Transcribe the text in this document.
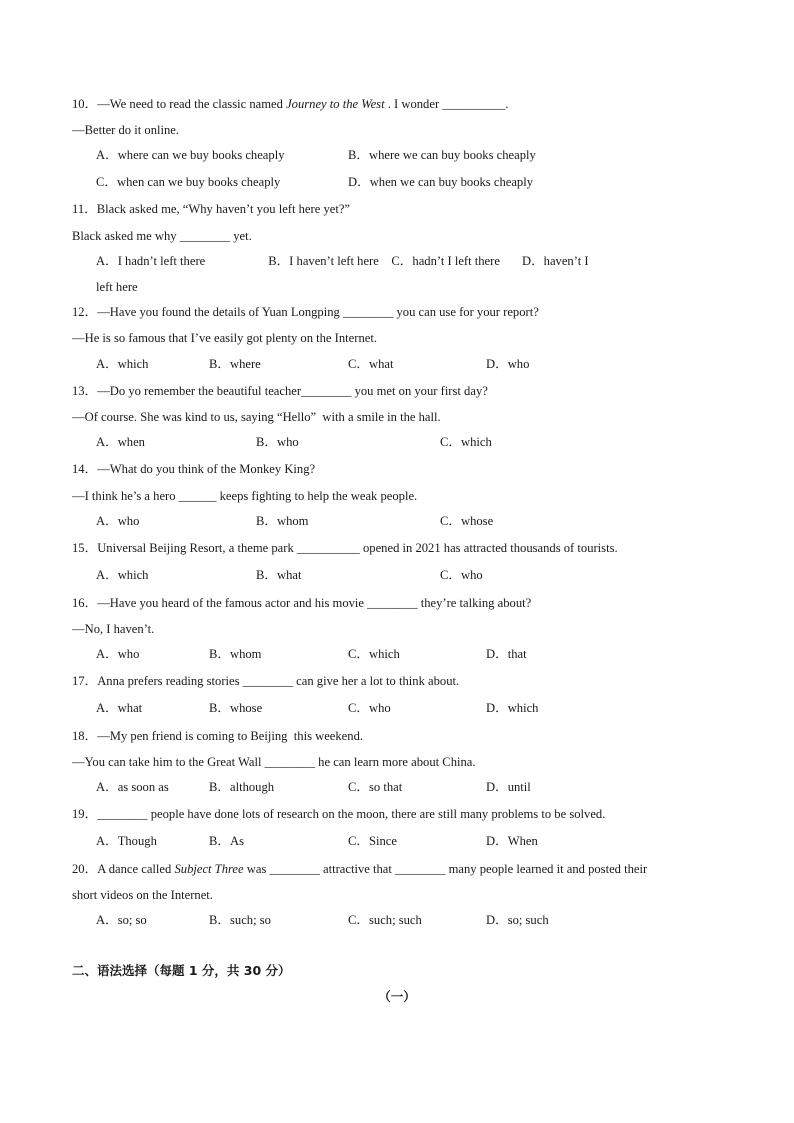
10．—We need to read the classic named Journey to the West . I wonder __________.
—Better do it online.
A．where can we buy books cheaply	B．where we can buy books cheaply
C．when can we buy books cheaply	D．when we can buy books cheaply
11．Black asked me, “Why haven’t you left here yet?”
Black asked me why ________ yet.
A．I hadn’t left there                    B．I haven’t left here    C．hadn’t I left there       D．haven’t I
left here
12．—Have you found the details of Yuan Longping ________ you can use for your report?
—He is so famous that I’ve easily got plenty on the Internet.
A．which	B．where	C．what	D．who
13．—Do yo remember the beautiful teacher________ you met on your first day?
—Of course. She was kind to us, saying “Hello”  with a smile in the hall.
A．when	B．who	C．which
14．—What do you think of the Monkey King?
—I think he’s a hero ______ keeps fighting to help the weak people.
A．who	B．whom	C．whose
15．Universal Beijing Resort, a theme park __________ opened in 2021 has attracted thousands of tourists.
A．which	B．what	C．who
16．—Have you heard of the famous actor and his movie ________ they’re talking about?
—No, I haven’t.
A．who	B．whom	C．which	D．that
17．Anna prefers reading stories ________ can give her a lot to think about.
A．what	B．whose	C．who	D．which
18．—My pen friend is coming to Beijing  this weekend.
—You can take him to the Great Wall ________ he can learn more about China.
A．as soon as	B．although	C．so that	D．until
19．________ people have done lots of research on the moon, there are still many problems to be solved.
A．Though	B．As	C．Since	D．When
20．A dance called Subject Three was ________ attractive that ________ many people learned it and posted their
short videos on the Internet.
A．so; so	B．such; so	C．such; such	D．so; such
二、语法选择（每题 1 分，共 30 分）
（一）
